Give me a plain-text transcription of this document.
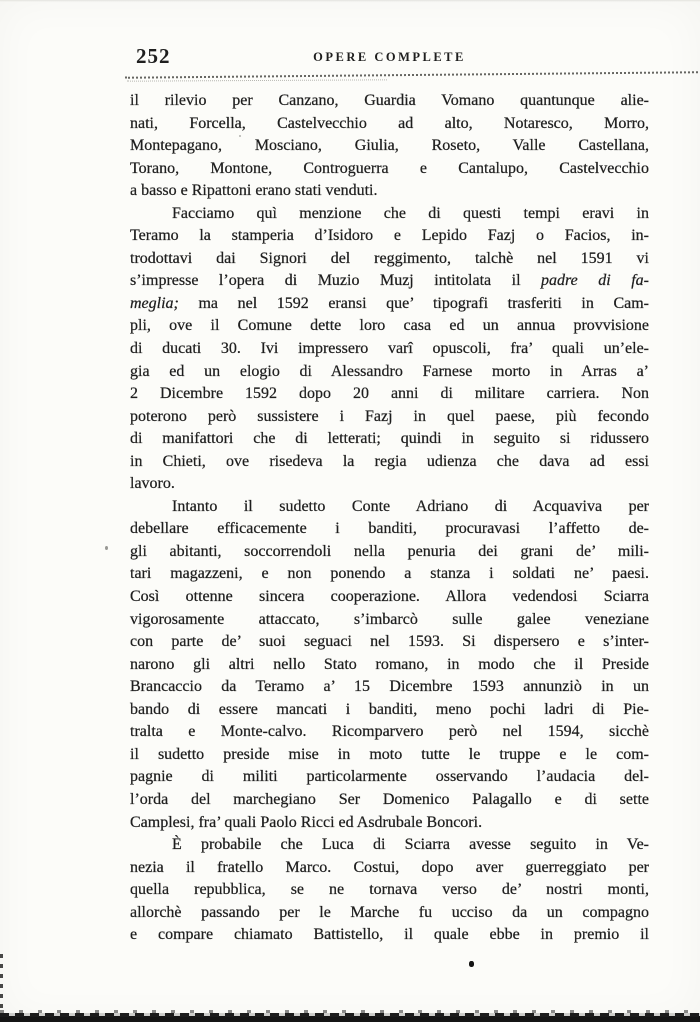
252	OPERE COMPLETE
il rilevio per Canzano, Guardia Vomano quantunque alie-
nati, Forcella, Castelvecchio ad alto, Notaresco, Morro,
Montepagano, Mosciano, Giulia, Roseto, Valle Castellana,
Torano, Montone, Controguerra e Cantalupo, Castelvecchio
a basso e Ripattoni erano stati venduti.
Facciamo quì menzione che di questi tempi eravi in
Teramo la stamperia d’Isidoro e Lepido Fazj o Facios, in-
trodottavi dai Signori del reggimento, talchè nel 1591 vi
s’impresse l’opera di Muzio Muzj intitolata il padre di fa-
meglia; ma nel 1592 eransi que’ tipografi trasferiti in Cam-
pli, ove il Comune dette loro casa ed un annua provvisione
di ducati 30. Ivi impressero varî opuscoli, fra’ quali un’ele-
gia ed un elogio di Alessandro Farnese morto in Arras a’
2 Dicembre 1592 dopo 20 anni di militare carriera. Non
poterono però sussistere i Fazj in quel paese, più fecondo
di manifattori che di letterati; quindi in seguito si ridussero
in Chieti, ove risedeva la regia udienza che dava ad essi
lavoro.
Intanto il sudetto Conte Adriano di Acquaviva per
debellare efficacemente i banditi, procuravasi l’affetto de-
gli abitanti, soccorrendoli nella penuria dei grani de’ mili-
tari magazzeni, e non ponendo a stanza i soldati ne’ paesi.
Così ottenne sincera cooperazione. Allora vedendosi Sciarra
vigorosamente attaccato, s’imbarcò sulle galee veneziane
con parte de’ suoi seguaci nel 1593. Si dispersero e s’inter-
narono gli altri nello Stato romano, in modo che il Preside
Brancaccio da Teramo a’ 15 Dicembre 1593 annunziò in un
bando di essere mancati i banditi, meno pochi ladri di Pie-
tralta e Monte-calvo. Ricomparvero però nel 1594, sicchè
il sudetto preside mise in moto tutte le truppe e le com-
pagnie di militi particolarmente osservando l’audacia del-
l’orda del marchegiano Ser Domenico Palagallo e di sette
Camplesi, fra’ quali Paolo Ricci ed Asdrubale Boncori.
È probabile che Luca di Sciarra avesse seguito in Ve-
nezia il fratello Marco. Costui, dopo aver guerreggiato per
quella repubblica, se ne tornava verso de’ nostri monti,
allorchè passando per le Marche fu ucciso da un compagno
e compare chiamato Battistello, il quale ebbe in premio il
